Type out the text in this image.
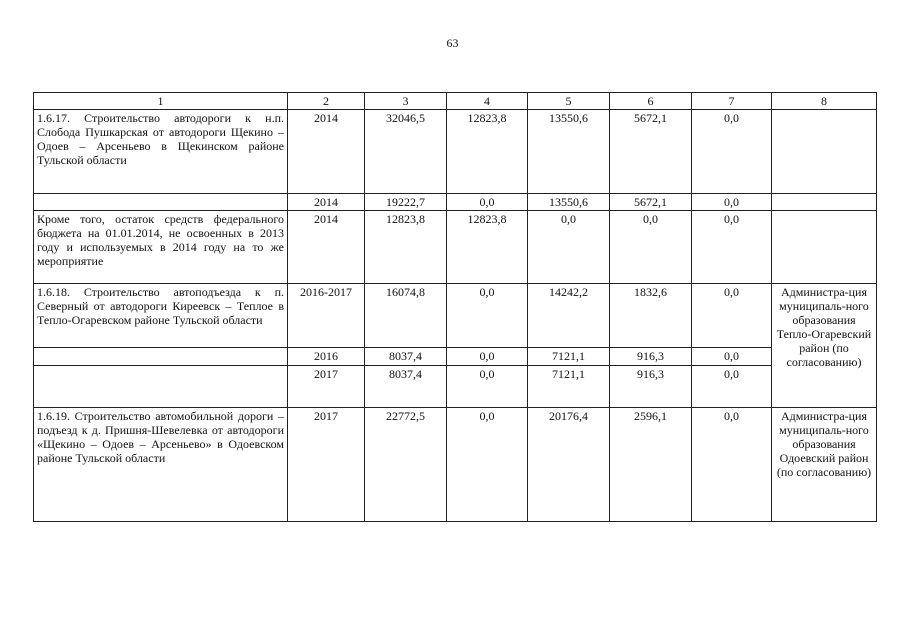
63
1	2	3	4	5	6	7	8
1.6.17. Строительство автодороги к н.п. Слобода Пушкарская от автодороги Щекино – Одоев – Арсеньево в Щекинском районе Тульской области	2014	32046,5	12823,8	13550,6	5672,1	0,0	
	2014	19222,7	0,0	13550,6	5672,1	0,0	
Кроме того, остаток средств федерального бюджета на 01.01.2014, не освоенных в 2013 году и используемых в 2014 году на то же мероприятие	2014	12823,8	12823,8	0,0	0,0	0,0	
1.6.18. Строительство автоподъезда к п. Северный от автодороги Киреевск – Теплое в Тепло-Огаревском районе Тульской области	2016-2017	16074,8	0,0	14242,2	1832,6	0,0	Администра-ция муниципаль-ного образования Тепло-Огаревский район (по согласованию)
	2016	8037,4	0,0	7121,1	916,3	0,0	
	2017	8037,4	0,0	7121,1	916,3	0,0	
1.6.19. Строительство автомобильной дороги – подъезд к д. Пришня-Шевелевка от автодороги «Щекино – Одоев – Арсеньево» в Одоевском районе Тульской области	2017	22772,5	0,0	20176,4	2596,1	0,0	Администра-ция муниципаль-ного образования Одоевский район (по согласованию)
